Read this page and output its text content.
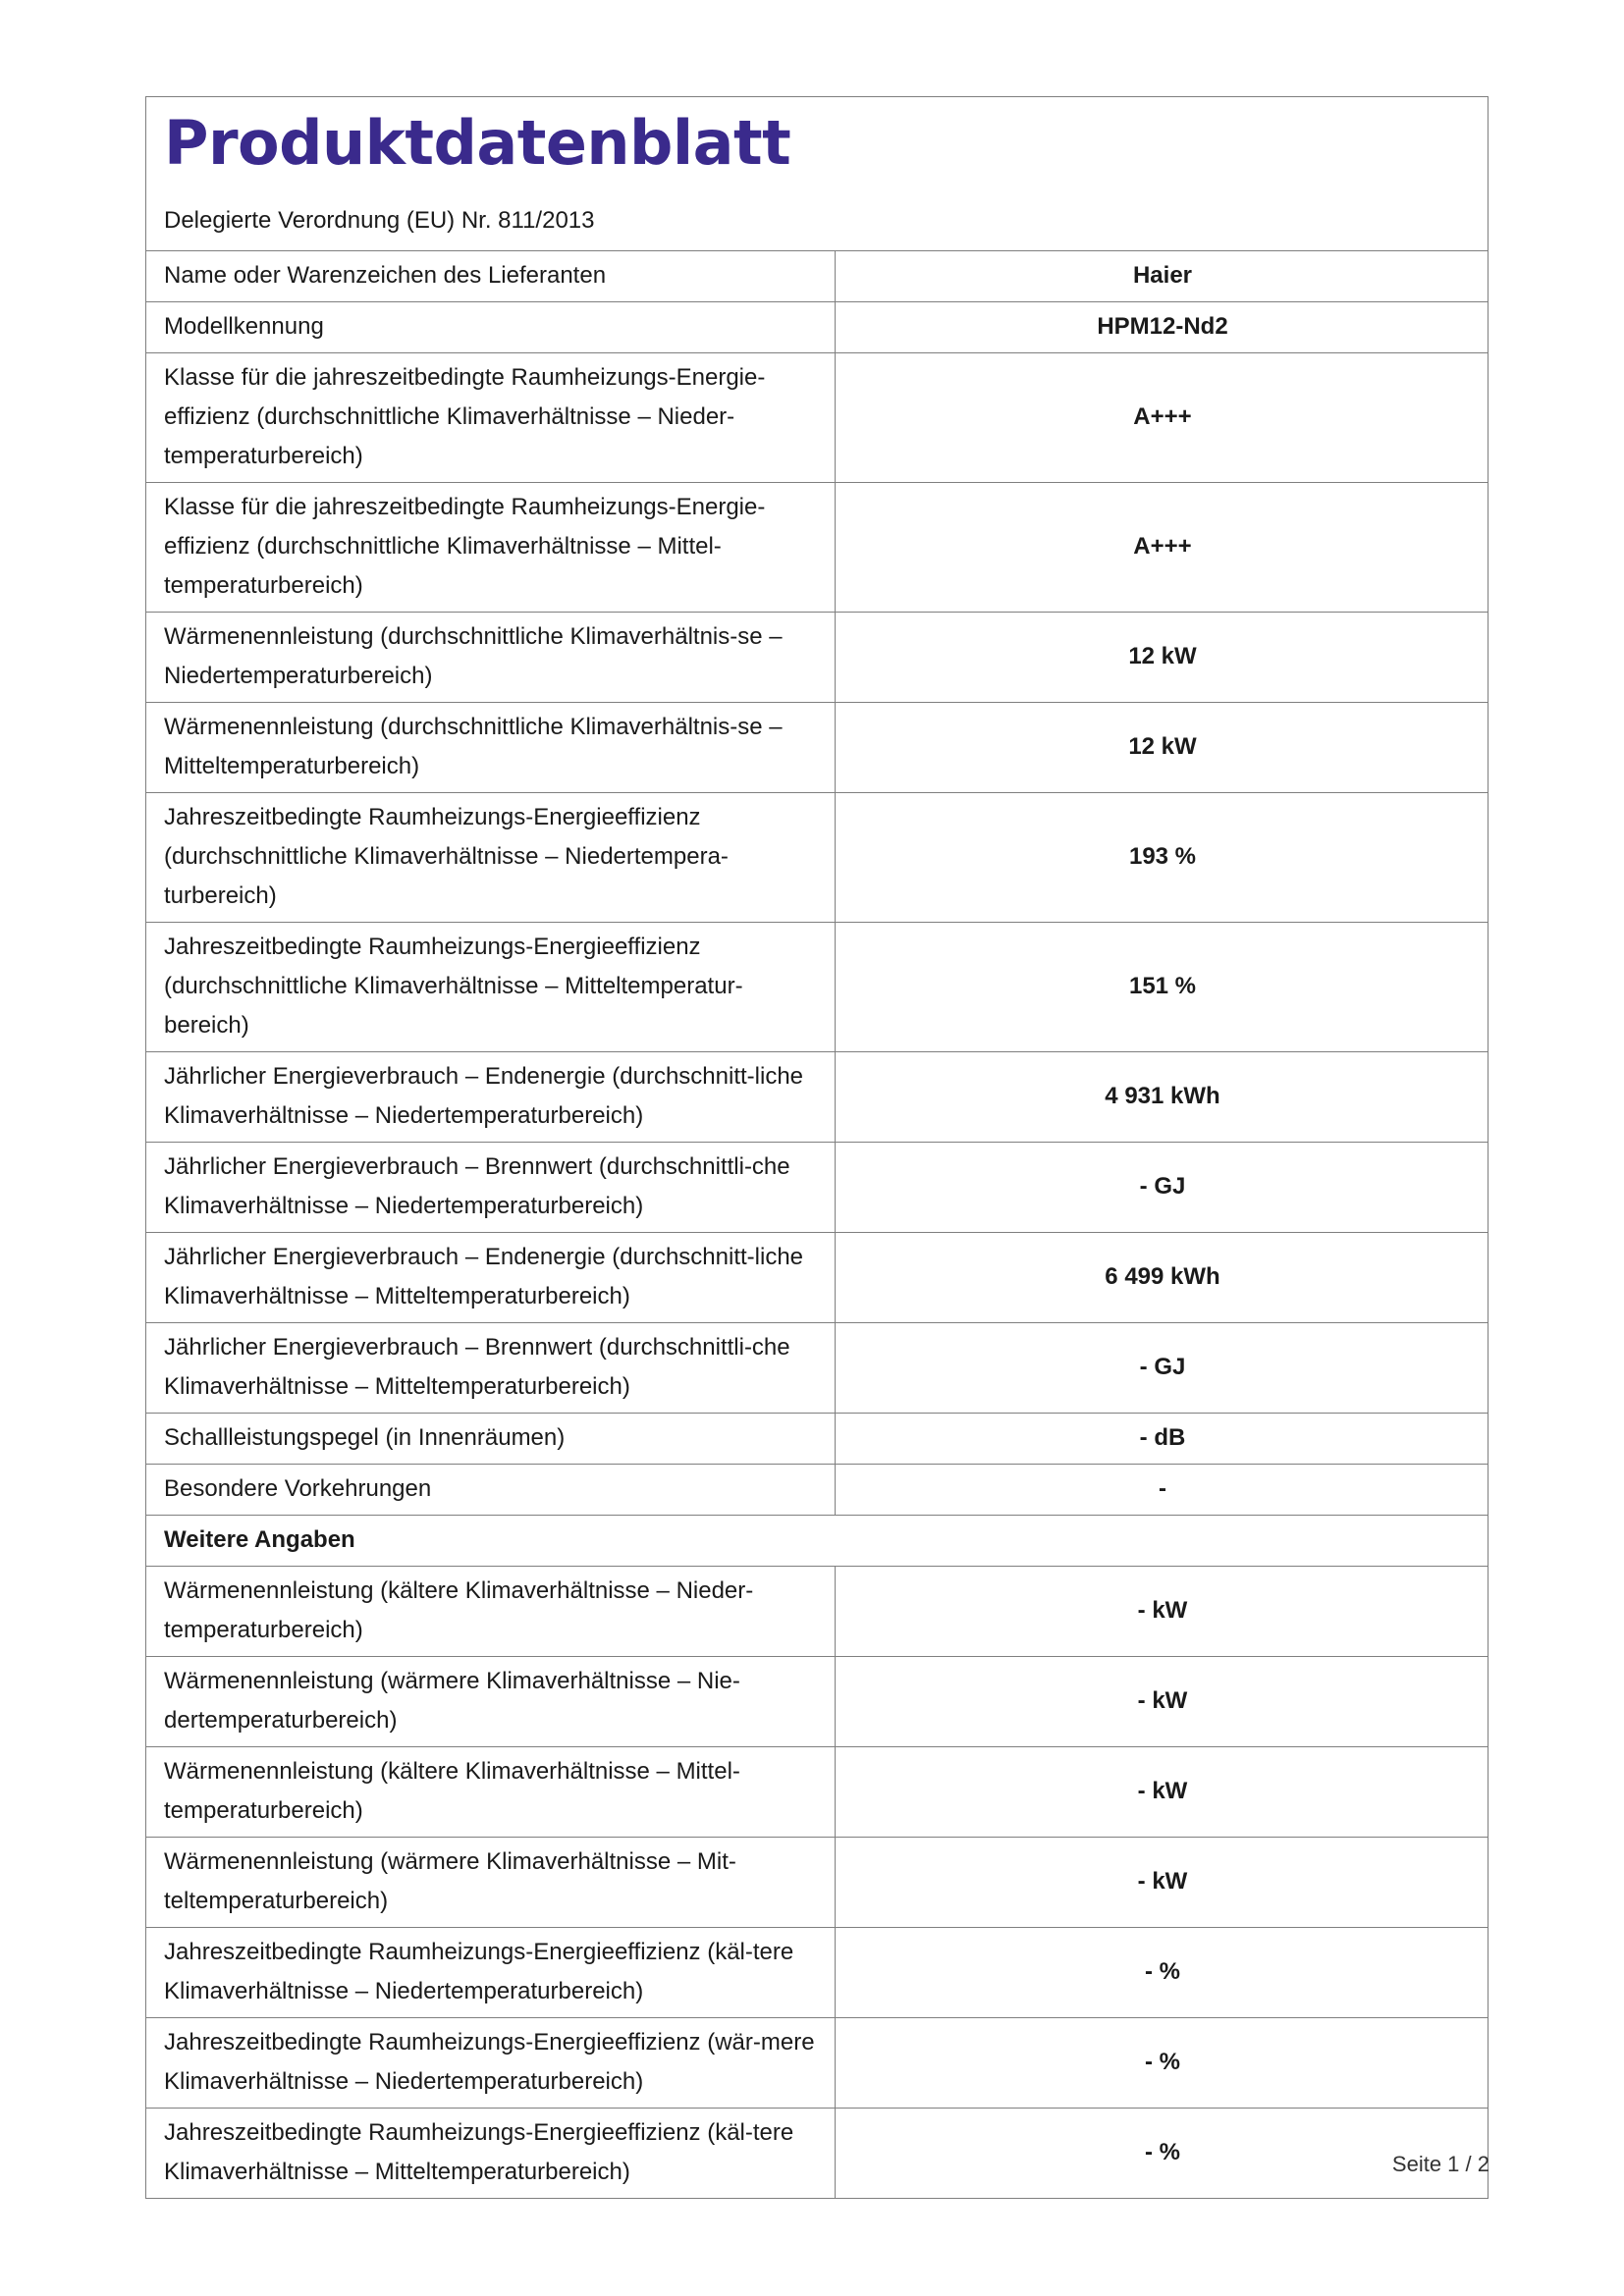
Produktdatenblatt
Delegierte Verordnung (EU) Nr. 811/2013
Name oder Warenzeichen des Lieferanten	Haier
Modellkennung	HPM12-Nd2
Klasse für die jahreszeitbedingte Raumheizungs-Energie-effizienz (durchschnittliche Klimaverhältnisse – Nieder-temperaturbereich)	A+++
Klasse für die jahreszeitbedingte Raumheizungs-Energie-effizienz (durchschnittliche Klimaverhältnisse – Mittel-temperaturbereich)	A+++
Wärmenennleistung (durchschnittliche Klimaverhältnis-se – Niedertemperaturbereich)	12 kW
Wärmenennleistung (durchschnittliche Klimaverhältnis-se – Mitteltemperaturbereich)	12 kW
Jahreszeitbedingte Raumheizungs-Energieeffizienz (durchschnittliche Klimaverhältnisse – Niedertempera-turbereich)	193 %
Jahreszeitbedingte Raumheizungs-Energieeffizienz (durchschnittliche Klimaverhältnisse – Mitteltemperatur-bereich)	151 %
Jährlicher Energieverbrauch – Endenergie (durchschnitt-liche Klimaverhältnisse – Niedertemperaturbereich)	4 931 kWh
Jährlicher Energieverbrauch – Brennwert (durchschnittli-che Klimaverhältnisse – Niedertemperaturbereich)	- GJ
Jährlicher Energieverbrauch – Endenergie (durchschnitt-liche Klimaverhältnisse – Mitteltemperaturbereich)	6 499 kWh
Jährlicher Energieverbrauch – Brennwert (durchschnittli-che Klimaverhältnisse – Mitteltemperaturbereich)	- GJ
Schallleistungspegel (in Innenräumen)	- dB
Besondere Vorkehrungen	-
Weitere Angaben	
Wärmenennleistung (kältere Klimaverhältnisse – Nieder-temperaturbereich)	- kW
Wärmenennleistung (wärmere Klimaverhältnisse – Nie-dertemperaturbereich)	- kW
Wärmenennleistung (kältere Klimaverhältnisse – Mittel-temperaturbereich)	- kW
Wärmenennleistung (wärmere Klimaverhältnisse – Mit-teltemperaturbereich)	- kW
Jahreszeitbedingte Raumheizungs-Energieeffizienz (käl-tere Klimaverhältnisse – Niedertemperaturbereich)	- %
Jahreszeitbedingte Raumheizungs-Energieeffizienz (wär-mere Klimaverhältnisse – Niedertemperaturbereich)	- %
Jahreszeitbedingte Raumheizungs-Energieeffizienz (käl-tere Klimaverhältnisse – Mitteltemperaturbereich)	- %	Seite 1 / 2
